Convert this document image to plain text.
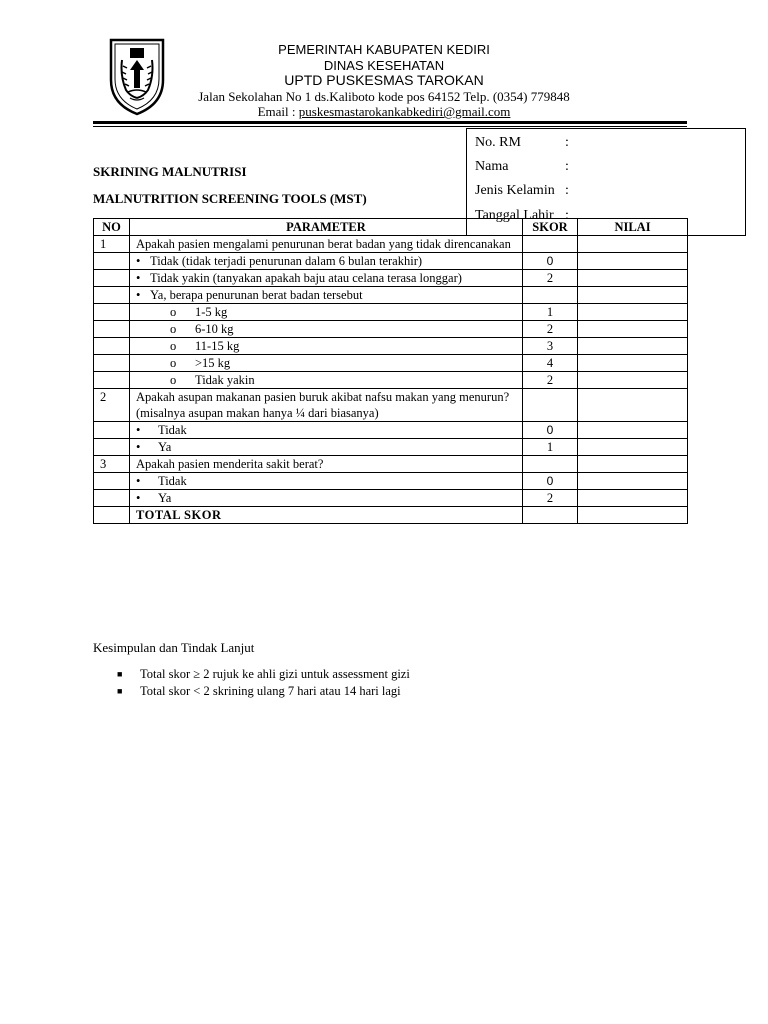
PEMERINTAH KABUPATEN KEDIRI
DINAS KESEHATAN
UPTD PUSKESMAS TAROKAN
Jalan Sekolahan No 1 ds.Kaliboto kode pos 64152 Telp. (0354) 779848
Email : puskesmastarokankabkediri@gmail.com
No. RM	:
Nama	:
Jenis Kelamin :
Tanggal Lahir :
SKRINING MALNUTRISI
MALNUTRITION SCREENING TOOLS (MST)
NO	PARAMETER	SKOR	NILAI
1	Apakah pasien mengalami penurunan berat badan yang tidak direncanakan		
	• Tidak (tidak terjadi penurunan dalam 6 bulan terakhir)	0	
	• Tidak yakin (tanyakan apakah baju atau celana terasa longgar)	2	
	• Ya, berapa penurunan berat badan tersebut		
	o 1-5 kg	1	
	o 6-10 kg	2	
	o 11-15 kg	3	
	o >15 kg	4	
	o Tidak yakin	2	
2	Apakah asupan makanan pasien buruk akibat nafsu makan yang menurun? (misalnya asupan makan hanya ¼ dari biasanya)		
	• Tidak	0	
	• Ya	1	
3	Apakah pasien menderita sakit berat?		
	• Tidak	0	
	• Ya	2	
	TOTAL SKOR		
Kesimpulan dan Tindak Lanjut
■	Total skor ≥ 2 rujuk ke ahli gizi untuk assessment gizi
■	Total skor < 2 skrining ulang 7 hari atau 14 hari lagi
